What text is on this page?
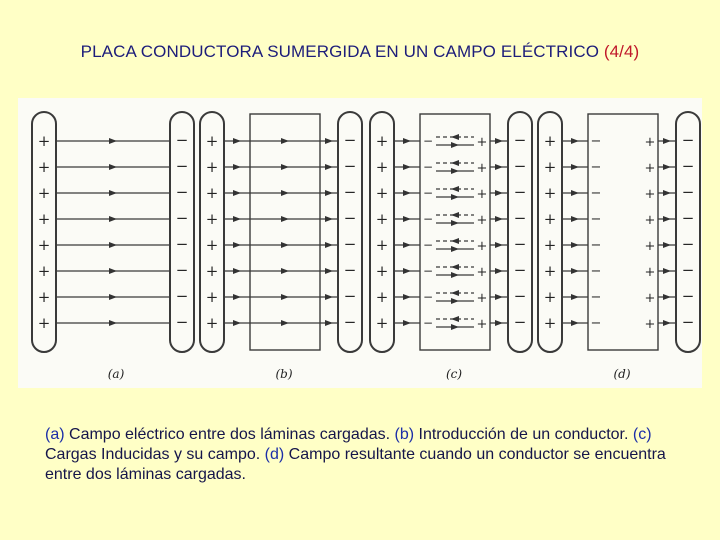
PLACA CONDUCTORA SUMERGIDA EN UN CAMPO ELÉCTRICO (4/4)
+	−
+	−
+	−
+	−
+	−
+	−
+	−
+	−
(a)
+	−
+	−
+	−
+	−
+	−
+	−
+	−
+	−
(b)
+	−
+	−
+	−
+	−
+	−
+	−
+	−
+	−
−	+
−	+
−	+
−	+
−	+
−	+
−	+
−	+
(c)
+	−
+	−
+	−
+	−
+	−
+	−
+	−
+	−
−	+
−	+
−	+
−	+
−	+
−	+
−	+
−	+
(d)
(a) Campo eléctrico entre dos láminas cargadas. (b) Introducción de un conductor. (c) Cargas Inducidas y su campo. (d) Campo resultante cuando un conductor se encuentra entre dos láminas cargadas.
